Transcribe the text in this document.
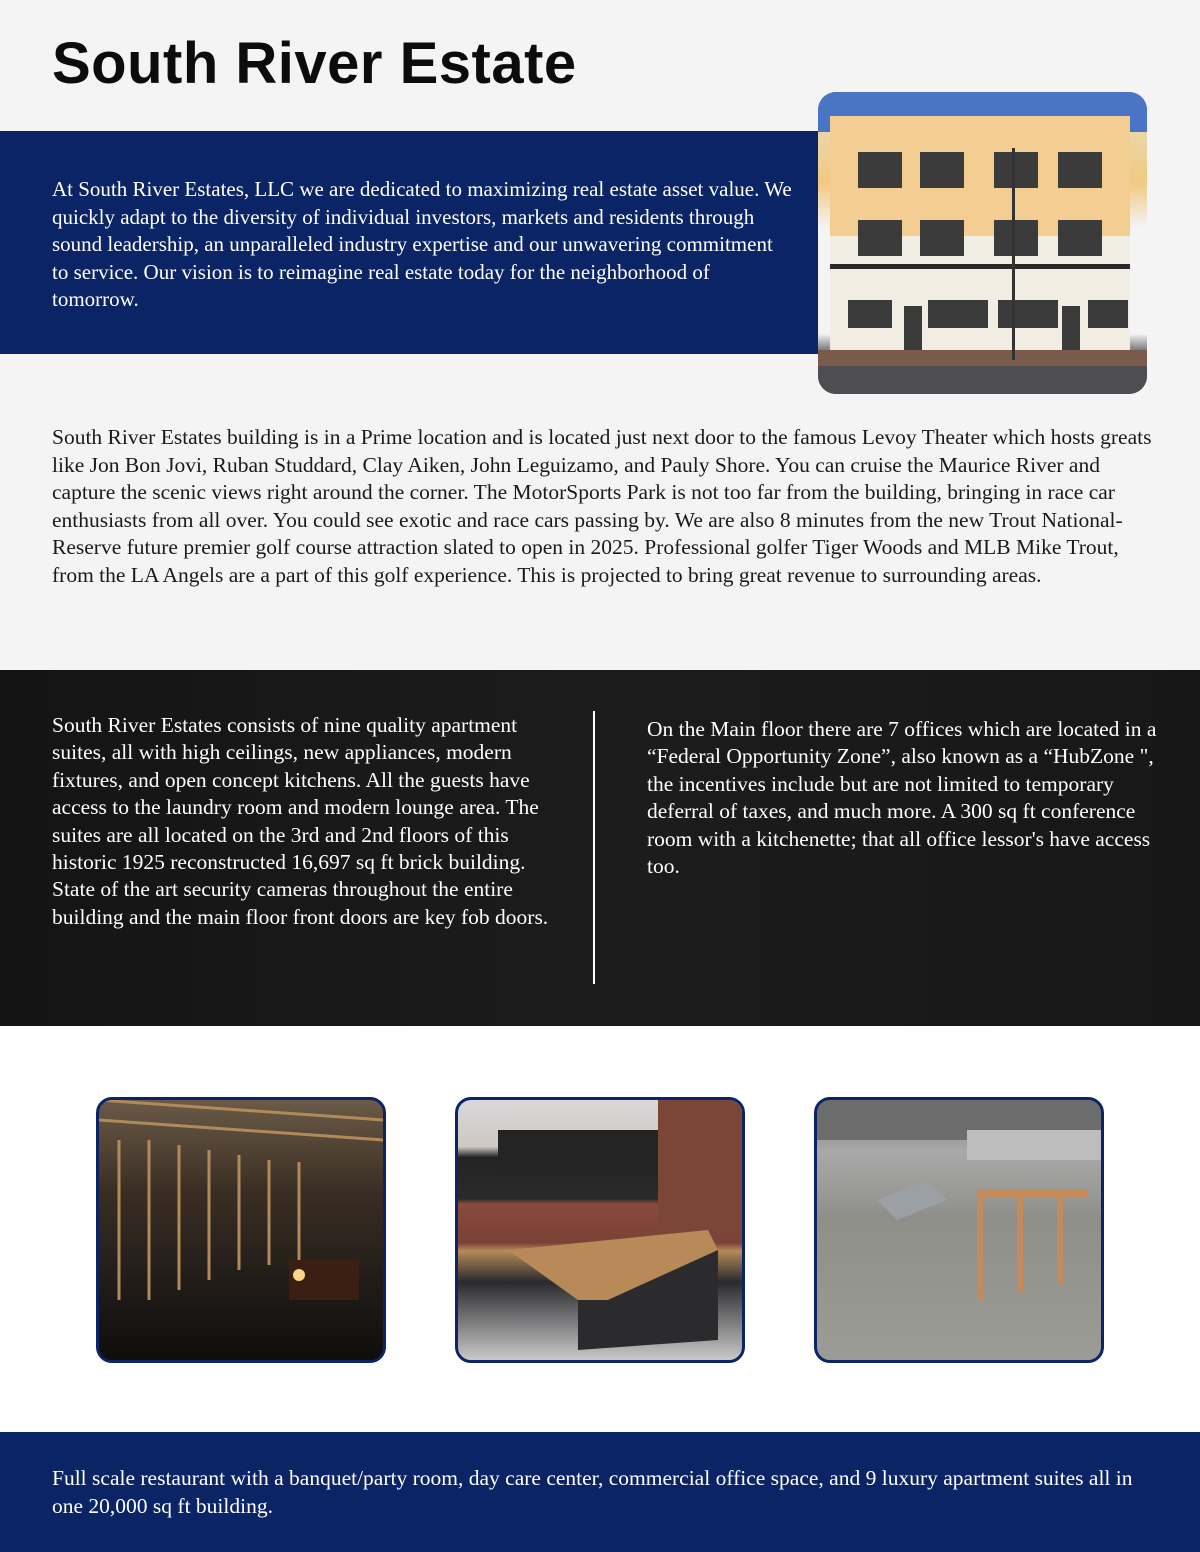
South River Estate

At South River Estates, LLC we are dedicated to maximizing real estate asset value. We quickly adapt to the diversity of individual investors, markets and residents through sound leadership, an unparalleled industry expertise and our unwavering commitment to service. Our vision is to reimagine real estate today for the neighborhood of tomorrow.

South River Estates building is in a Prime location and is located just next door to the famous Levoy Theater which hosts greats like Jon Bon Jovi, Ruban Studdard, Clay Aiken, John Leguizamo, and Pauly Shore. You can cruise the Maurice River and capture the scenic views right around the corner. The MotorSports Park is not too far from the building, bringing in race car enthusiasts from all over. You could see exotic and race cars passing by. We are also 8 minutes from the new Trout National-Reserve future premier golf course attraction slated to open in 2025. Professional golfer Tiger Woods and MLB Mike Trout, from the LA Angels are a part of this golf experience. This is projected to bring great revenue to surrounding areas.

South River Estates consists of nine quality apartment suites, all with high ceilings, new appliances, modern fixtures, and open concept kitchens. All the guests have access to the laundry room and modern lounge area. The suites are all located on the 3rd and 2nd floors of this historic 1925 reconstructed 16,697 sq ft brick building. State of the art security cameras throughout the entire building and the main floor front doors are key fob doors.

On the Main floor there are 7 offices which are located in a “Federal Opportunity Zone”, also known as a “HubZone ", the incentives include but are not limited to temporary deferral of taxes, and much more. A 300 sq ft conference room with a kitchenette; that all office lessor's have access too.

Full scale restaurant with a banquet/party room, day care center, commercial office space, and 9 luxury apartment suites all in one 20,000 sq ft building.
